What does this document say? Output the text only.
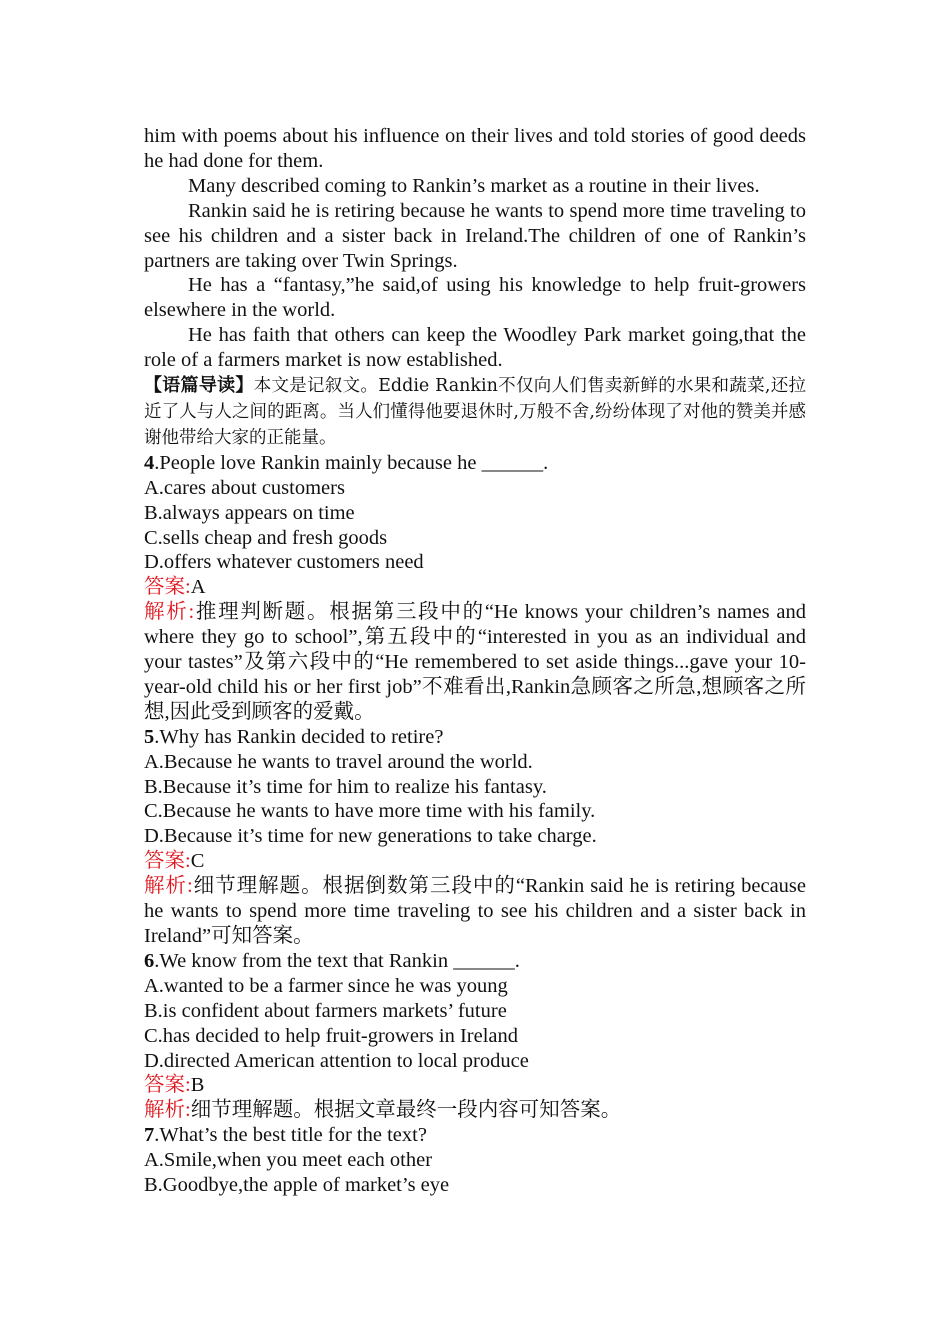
him with poems about his influence on their lives and told stories of good deeds he had done for them.

Many described coming to Rankin’s market as a routine in their lives.

Rankin said he is retiring because he wants to spend more time traveling to see his children and a sister back in Ireland.The children of one of Rankin’s partners are taking over Twin Springs.

He has a “fantasy,”he said,of using his knowledge to help fruit-growers elsewhere in the world.

He has faith that others can keep the Woodley Park market going,that the role of a farmers market is now established.

【语篇导读】本文是记叙文。Eddie Rankin不仅向人们售卖新鲜的水果和蔬菜,还拉近了人与人之间的距离。当人们懂得他要退休时,万般不舍,纷纷体现了对他的赞美并感谢他带给大家的正能量。

4.People love Rankin mainly because he ______.

A.cares about customers

B.always appears on time

C.sells cheap and fresh goods

D.offers whatever customers need

答案:A

解析:推理判断题。根据第三段中的“He knows your children’s names and where they go to school”,第五段中的“interested in you as an individual and your tastes”及第六段中的“He remembered to set aside things...gave your 10-year-old child his or her first job”不难看出,Rankin急顾客之所急,想顾客之所想,因此受到顾客的爱戴。

5.Why has Rankin decided to retire?

A.Because he wants to travel around the world.

B.Because it’s time for him to realize his fantasy.

C.Because he wants to have more time with his family.

D.Because it’s time for new generations to take charge.

答案:C

解析:细节理解题。根据倒数第三段中的“Rankin said he is retiring because he wants to spend more time traveling to see his children and a sister back in Ireland”可知答案。

6.We know from the text that Rankin ______.

A.wanted to be a farmer since he was young

B.is confident about farmers markets’ future

C.has decided to help fruit-growers in Ireland

D.directed American attention to local produce

答案:B

解析:细节理解题。根据文章最终一段内容可知答案。

7.What’s the best title for the text?

A.Smile,when you meet each other

B.Goodbye,the apple of market’s eye
